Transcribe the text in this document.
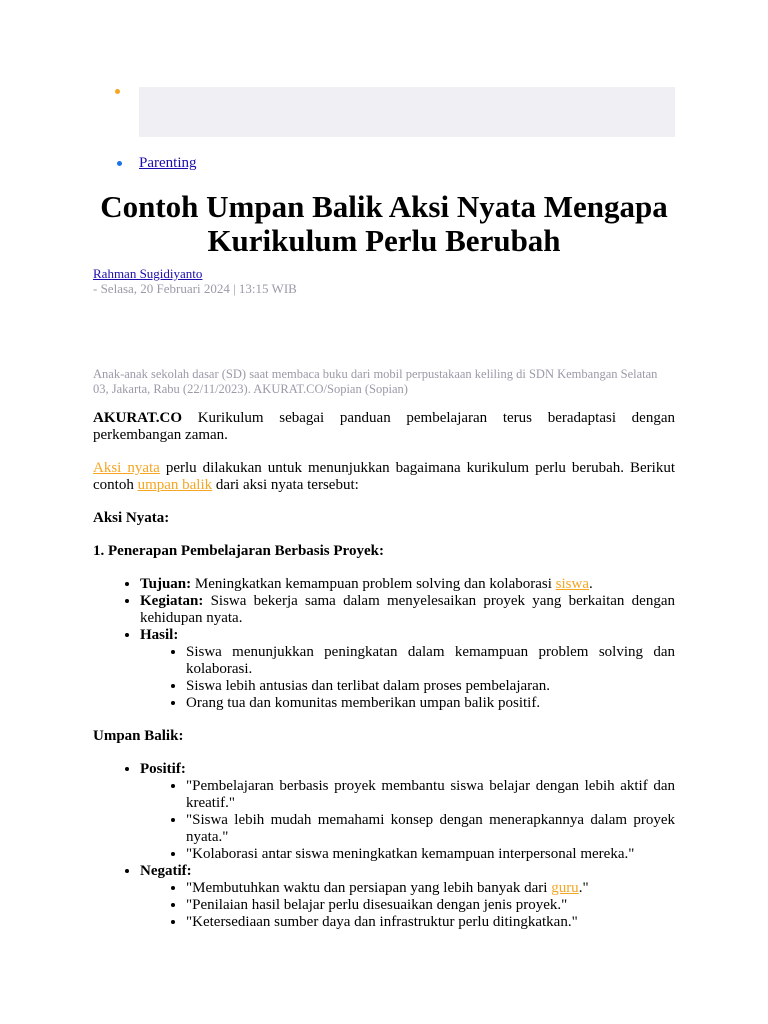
Parenting
Contoh Umpan Balik Aksi Nyata Mengapa Kurikulum Perlu Berubah
Rahman Sugidiyanto
- Selasa, 20 Februari 2024 | 13:15 WIB

Anak-anak sekolah dasar (SD) saat membaca buku dari mobil perpustakaan keliling di SDN Kembangan Selatan 03, Jakarta, Rabu (22/11/2023). AKURAT.CO/Sopian (Sopian)

AKURAT.CO Kurikulum sebagai panduan pembelajaran terus beradaptasi dengan perkembangan zaman.

Aksi nyata perlu dilakukan untuk menunjukkan bagaimana kurikulum perlu berubah. Berikut contoh umpan balik dari aksi nyata tersebut:

Aksi Nyata:

1. Penerapan Pembelajaran Berbasis Proyek:

• Tujuan: Meningkatkan kemampuan problem solving dan kolaborasi siswa.
• Kegiatan: Siswa bekerja sama dalam menyelesaikan proyek yang berkaitan dengan kehidupan nyata.
• Hasil:
• Siswa menunjukkan peningkatan dalam kemampuan problem solving dan kolaborasi.
• Siswa lebih antusias dan terlibat dalam proses pembelajaran.
• Orang tua dan komunitas memberikan umpan balik positif.

Umpan Balik:

• Positif:
• "Pembelajaran berbasis proyek membantu siswa belajar dengan lebih aktif dan kreatif."
• "Siswa lebih mudah memahami konsep dengan menerapkannya dalam proyek nyata."
• "Kolaborasi antar siswa meningkatkan kemampuan interpersonal mereka."
• Negatif:
• "Membutuhkan waktu dan persiapan yang lebih banyak dari guru."
• "Penilaian hasil belajar perlu disesuaikan dengan jenis proyek."
• "Ketersediaan sumber daya dan infrastruktur perlu ditingkatkan."
